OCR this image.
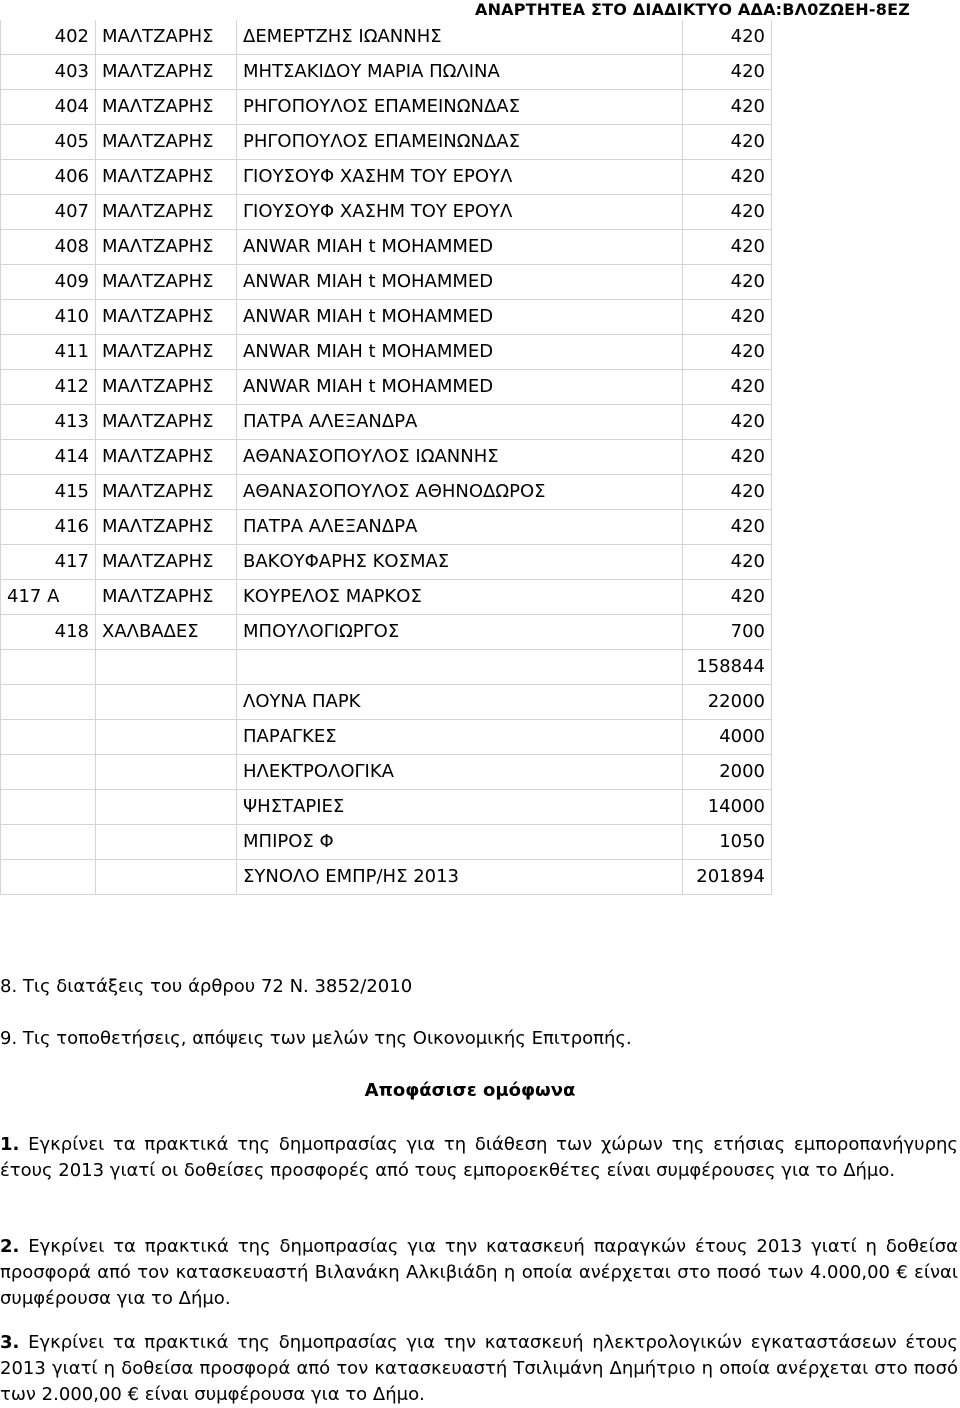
ΑΝΑΡΤΗΤΕΑ ΣΤΟ ΔΙΑΔΙΚΤΥΟ ΑΔΑ:ΒΛ0ΖΩΕΗ-8ΕΖ
402	ΜΑΛΤΖΑΡΗΣ	ΔΕΜΕΡΤΖΗΣ ΙΩΑΝΝΗΣ	420
403	ΜΑΛΤΖΑΡΗΣ	ΜΗΤΣΑΚΙΔΟΥ ΜΑΡΙΑ ΠΩΛΙΝΑ	420
404	ΜΑΛΤΖΑΡΗΣ	ΡΗΓΟΠΟΥΛΟΣ ΕΠΑΜΕΙΝΩΝΔΑΣ	420
405	ΜΑΛΤΖΑΡΗΣ	ΡΗΓΟΠΟΥΛΟΣ ΕΠΑΜΕΙΝΩΝΔΑΣ	420
406	ΜΑΛΤΖΑΡΗΣ	ΓΙΟΥΣΟΥΦ ΧΑΣΗΜ ΤΟΥ ΕΡΟΥΛ	420
407	ΜΑΛΤΖΑΡΗΣ	ΓΙΟΥΣΟΥΦ ΧΑΣΗΜ ΤΟΥ ΕΡΟΥΛ	420
408	ΜΑΛΤΖΑΡΗΣ	ANWAR MIAH t MOHAMMED	420
409	ΜΑΛΤΖΑΡΗΣ	ANWAR MIAH t MOHAMMED	420
410	ΜΑΛΤΖΑΡΗΣ	ANWAR MIAH t MOHAMMED	420
411	ΜΑΛΤΖΑΡΗΣ	ANWAR MIAH t MOHAMMED	420
412	ΜΑΛΤΖΑΡΗΣ	ANWAR MIAH t MOHAMMED	420
413	ΜΑΛΤΖΑΡΗΣ	ΠΑΤΡΑ ΑΛΕΞΑΝΔΡΑ	420
414	ΜΑΛΤΖΑΡΗΣ	ΑΘΑΝΑΣΟΠΟΥΛΟΣ ΙΩΑΝΝΗΣ	420
415	ΜΑΛΤΖΑΡΗΣ	ΑΘΑΝΑΣΟΠΟΥΛΟΣ ΑΘΗΝΟΔΩΡΟΣ	420
416	ΜΑΛΤΖΑΡΗΣ	ΠΑΤΡΑ ΑΛΕΞΑΝΔΡΑ	420
417	ΜΑΛΤΖΑΡΗΣ	ΒΑΚΟΥΦΑΡΗΣ ΚΟΣΜΑΣ	420
417 Α	ΜΑΛΤΖΑΡΗΣ	ΚΟΥΡΕΛΟΣ ΜΑΡΚΟΣ	420
418	ΧΑΛΒΑΔΕΣ	ΜΠΟΥΛΟΓΙΩΡΓΟΣ	700
			158844
		ΛΟΥΝΑ ΠΑΡΚ	22000
		ΠΑΡΑΓΚΕΣ	4000
		ΗΛΕΚΤΡΟΛΟΓΙΚΑ	2000
		ΨΗΣΤΑΡΙΕΣ	14000
		ΜΠΙΡΟΣ Φ	1050
		ΣΥΝΟΛΟ ΕΜΠΡ/ΗΣ 2013	201894
8. Τις διατάξεις του άρθρου 72 Ν. 3852/2010
9. Τις τοποθετήσεις, απόψεις των μελών της Οικονομικής Επιτροπής.
Αποφάσισε ομόφωνα
1. Εγκρίνει τα πρακτικά της δημοπρασίας για τη διάθεση των χώρων της ετήσιας εμποροπανήγυρης έτους 2013 γιατί οι δοθείσες προσφορές από τους εμποροεκθέτες είναι συμφέρουσες για το Δήμο.
2. Εγκρίνει τα πρακτικά της δημοπρασίας για την κατασκευή παραγκών έτους 2013 γιατί η δοθείσα προσφορά από τον κατασκευαστή Βιλανάκη Αλκιβιάδη η οποία ανέρχεται στο ποσό των 4.000,00 € είναι συμφέρουσα για το Δήμο.
3. Εγκρίνει τα πρακτικά της δημοπρασίας για την κατασκευή ηλεκτρολογικών εγκαταστάσεων έτους 2013 γιατί η δοθείσα προσφορά από τον κατασκευαστή Τσιλιμάνη Δημήτριο η οποία ανέρχεται στο ποσό των 2.000,00 € είναι συμφέρουσα για το Δήμο.
